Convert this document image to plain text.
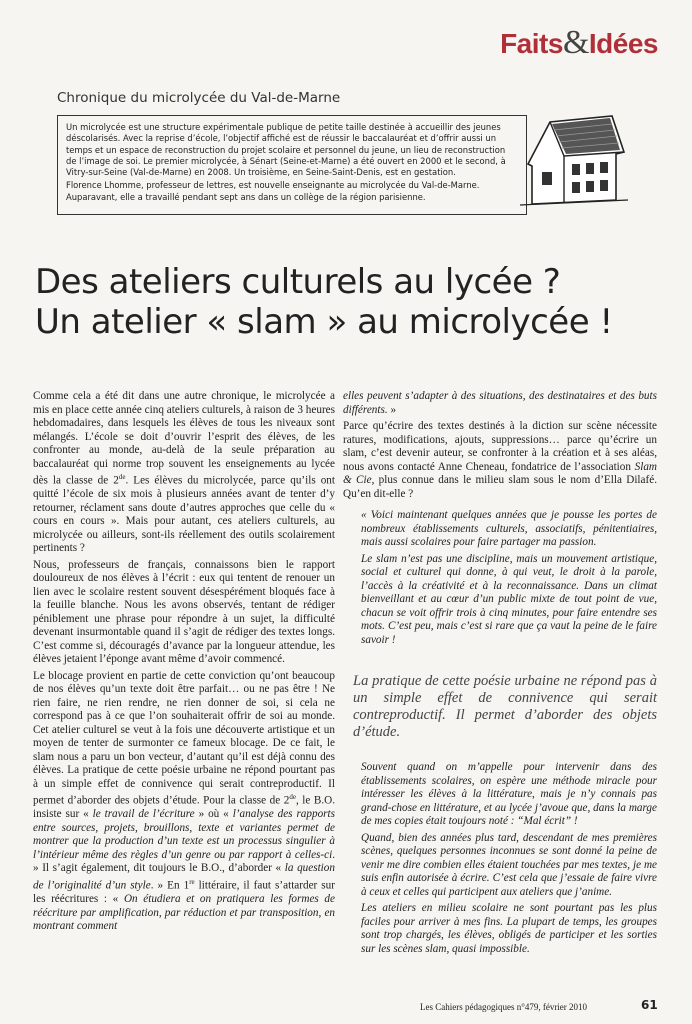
Faits&Idées
Chronique du microlycée du Val-de-Marne

Un microlycée est une structure expérimentale publique de petite taille destinée à accueillir des jeunes déscolarisés. Avec la reprise d’école, l’objectif affiché est de réussir le baccalauréat et d’offrir aussi un temps et un espace de reconstruction du projet scolaire et personnel du jeune, un lieu de reconstruction de l’image de soi. Le premier microlycée, à Sénart (Seine-et-Marne) a été ouvert en 2000 et le second, à Vitry-sur-Seine (Val-de-Marne) en 2008. Un troisième, en Seine-Saint-Denis, est en gestation.

Florence Lhomme, professeur de lettres, est nouvelle enseignante au microlycée du Val-de-Marne. Auparavant, elle a travaillé pendant sept ans dans un collège de la région parisienne.

Des ateliers culturels au lycée ?
Un atelier « slam » au microlycée !

Comme cela a été dit dans une autre chronique, le microlycée a mis en place cette année cinq ateliers culturels, à raison de 3 heures hebdomadaires, dans lesquels les élèves de tous les niveaux sont mélangés. L’école se doit d’ouvrir l’esprit des élèves, de les confronter au monde, au-delà de la seule préparation au baccalauréat qui norme trop souvent les enseignements au lycée dès la classe de 2de. Les élèves du microlycée, parce qu’ils ont quitté l’école de six mois à plusieurs années avant de tenter d’y retourner, réclament sans doute d’autres approches que celle du « cours en cours ». Mais pour autant, ces ateliers culturels, au microlycée ou ailleurs, sont-ils réellement des outils scolairement pertinents ?

Nous, professeurs de français, connaissons bien le rapport douloureux de nos élèves à l’écrit : eux qui tentent de renouer un lien avec le scolaire restent souvent désespérément bloqués face à la feuille blanche. Nous les avons observés, tentant de rédiger péniblement une phrase pour répondre à un sujet, la difficulté devenant insurmontable quand il s’agit de rédiger des textes longs. C’est comme si, découragés d’avance par la longueur attendue, les élèves jetaient l’éponge avant même d’avoir commencé.

Le blocage provient en partie de cette conviction qu’ont beaucoup de nos élèves qu’un texte doit être parfait… ou ne pas être ! Ne rien faire, ne rien rendre, ne rien donner de soi, si cela ne correspond pas à ce que l’on souhaiterait offrir de soi au monde. Cet atelier culturel se veut à la fois une découverte artistique et un moyen de tenter de surmonter ce fameux blocage. De ce fait, le slam nous a paru un bon vecteur, d’autant qu’il est déjà connu des élèves. La pratique de cette poésie urbaine ne répond pourtant pas à un simple effet de connivence qui serait contreproductif. Il permet d’aborder des objets d’étude. Pour la classe de 2de, le B.O. insiste sur « le travail de l’écriture » où « l’analyse des rapports entre sources, projets, brouillons, texte et variantes permet de montrer que la production d’un texte est un processus singulier à l’intérieur même des règles d’un genre ou par rapport à celles-ci. » Il s’agit également, dit toujours le B.O., d’aborder « la question de l’originalité d’un style. » En 1re littéraire, il faut s’attarder sur les réécritures : « On étudiera et on pratiquera les formes de réécriture par amplification, par réduction et par transposition, en montrant comment

elles peuvent s’adapter à des situations, des destinataires et des buts différents. »

Parce qu’écrire des textes destinés à la diction sur scène nécessite ratures, modifications, ajouts, suppressions… parce qu’écrire un slam, c’est devenir auteur, se confronter à la création et à ses aléas, nous avons contacté Anne Cheneau, fondatrice de l’association Slam & Cie, plus connue dans le milieu slam sous le nom d’Ella Dilafé. Qu’en dit-elle ?

« Voici maintenant quelques années que je pousse les portes de nombreux établissements culturels, associatifs, pénitentiaires, mais aussi scolaires pour faire partager ma passion.

Le slam n’est pas une discipline, mais un mouvement artistique, social et culturel qui donne, à qui veut, le droit à la parole, l’accès à la créativité et à la reconnaissance. Dans un climat bienveillant et au cœur d’un public mixte de tout point de vue, chacun se voit offrir trois à cinq minutes, pour faire entendre ses mots. C’est peu, mais c’est si rare que ça vaut la peine de le faire savoir !

La pratique de cette poésie urbaine ne répond pas à un simple effet de connivence qui serait contreproductif. Il permet d’aborder des objets d’étude.

Souvent quand on m’appelle pour intervenir dans des établissements scolaires, on espère une méthode miracle pour intéresser les élèves à la littérature, mais je n’y connais pas grand-chose en littérature, et au lycée j’avoue que, dans la marge de mes copies était toujours noté : “Mal écrit” !

Quand, bien des années plus tard, descendant de mes premières scènes, quelques personnes inconnues se sont donné la peine de venir me dire combien elles étaient touchées par mes textes, je me suis enfin autorisée à écrire. C’est cela que j’essaie de faire vivre à ceux et celles qui participent aux ateliers que j’anime.

Les ateliers en milieu scolaire ne sont pourtant pas les plus faciles pour arriver à mes fins. La plupart de temps, les groupes sont trop chargés, les élèves, obligés de participer et les sorties sur les scènes slam, quasi impossible.

Les Cahiers pédagogiques n°479, février 2010	61
